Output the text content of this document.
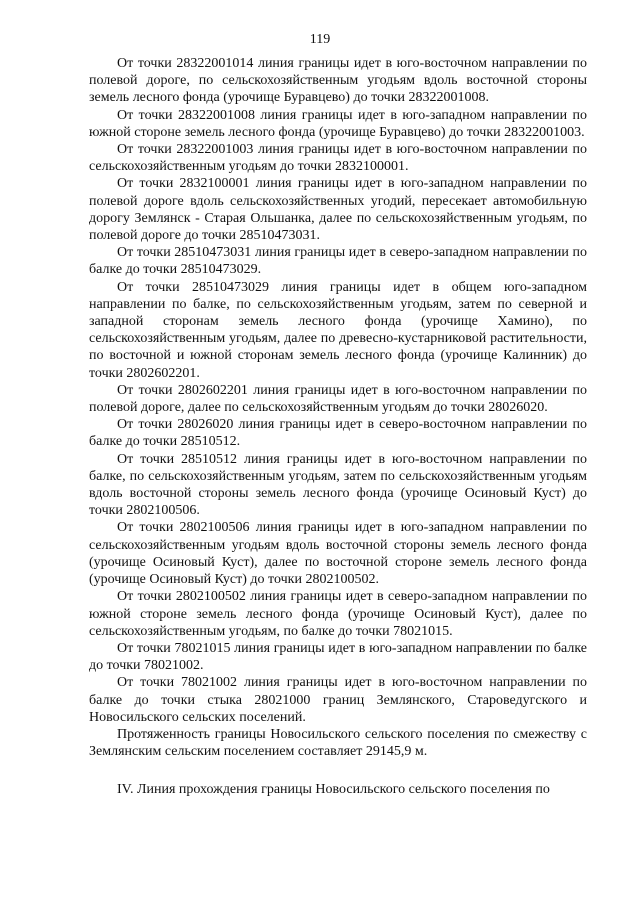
119

От точки 28322001014 линия границы идет в юго-восточном направлении по полевой дороге, по сельскохозяйственным угодьям вдоль восточной стороны земель лесного фонда (урочище Буравцево) до точки 28322001008.

От точки 28322001008 линия границы идет в юго-западном направлении по южной стороне земель лесного фонда (урочище Буравцево) до точки 28322001003.

От точки 28322001003 линия границы идет в юго-восточном направлении по сельскохозяйственным угодьям до точки 2832100001.

От точки 2832100001 линия границы идет в юго-западном направлении по полевой дороге вдоль сельскохозяйственных угодий, пересекает автомобильную дорогу Землянск - Старая Ольшанка, далее по сельскохозяйственным угодьям, по полевой дороге до точки 28510473031.

От точки 28510473031 линия границы идет в северо-западном направлении по балке до точки 28510473029.

От точки 28510473029 линия границы идет в общем юго-западном направлении по балке, по сельскохозяйственным угодьям, затем по северной и западной сторонам земель лесного фонда (урочище Хамино), по сельскохозяйственным угодьям, далее по древесно-кустарниковой растительности, по восточной и южной сторонам земель лесного фонда (урочище Калинник) до точки 2802602201.

От точки 2802602201 линия границы идет в юго-восточном направлении по полевой дороге, далее по сельскохозяйственным угодьям до точки 28026020.

От точки 28026020 линия границы идет в северо-восточном направлении по балке до точки 28510512.

От точки 28510512 линия границы идет в юго-восточном направлении по балке, по сельскохозяйственным угодьям, затем по сельскохозяйственным угодьям вдоль восточной стороны земель лесного фонда (урочище Осиновый Куст) до точки 2802100506.

От точки 2802100506 линия границы идет в юго-западном направлении по сельскохозяйственным угодьям вдоль восточной стороны земель лесного фонда (урочище Осиновый Куст), далее по восточной стороне земель лесного фонда (урочище Осиновый Куст) до точки 2802100502.

От точки 2802100502 линия границы идет в северо-западном направлении по южной стороне земель лесного фонда (урочище Осиновый Куст), далее по сельскохозяйственным угодьям, по балке до точки 78021015.

От точки 78021015 линия границы идет в юго-западном направлении по балке до точки 78021002.

От точки 78021002 линия границы идет в юго-восточном направлении по балке до точки стыка 28021000 границ Землянского, Староведугского и Новосильского сельских поселений.

Протяженность границы Новосильского сельского поселения по смежеству с Землянским сельским поселением составляет 29145,9 м.

IV. Линия прохождения границы Новосильского сельского поселения по
